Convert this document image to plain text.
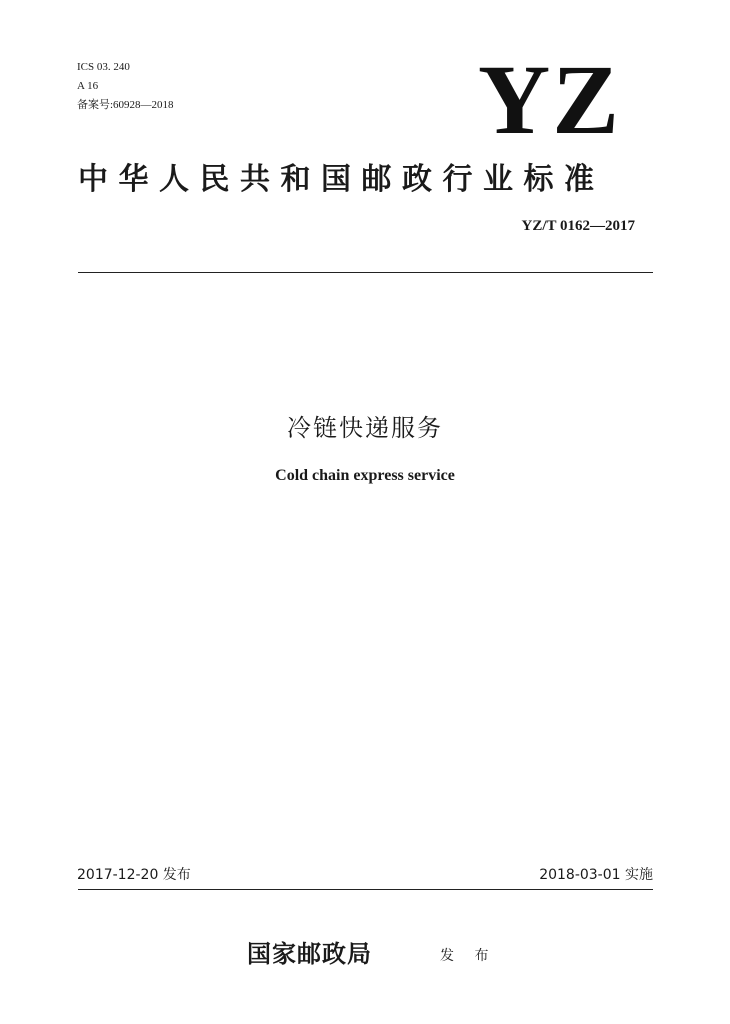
ICS 03. 240
A 16
备案号:60928—2018	YZ
中华人民共和国邮政行业标准
YZ/T 0162—2017
冷链快递服务
Cold chain express service
2017-12-20 发布	2018-03-01 实施
国家邮政局	发 布
